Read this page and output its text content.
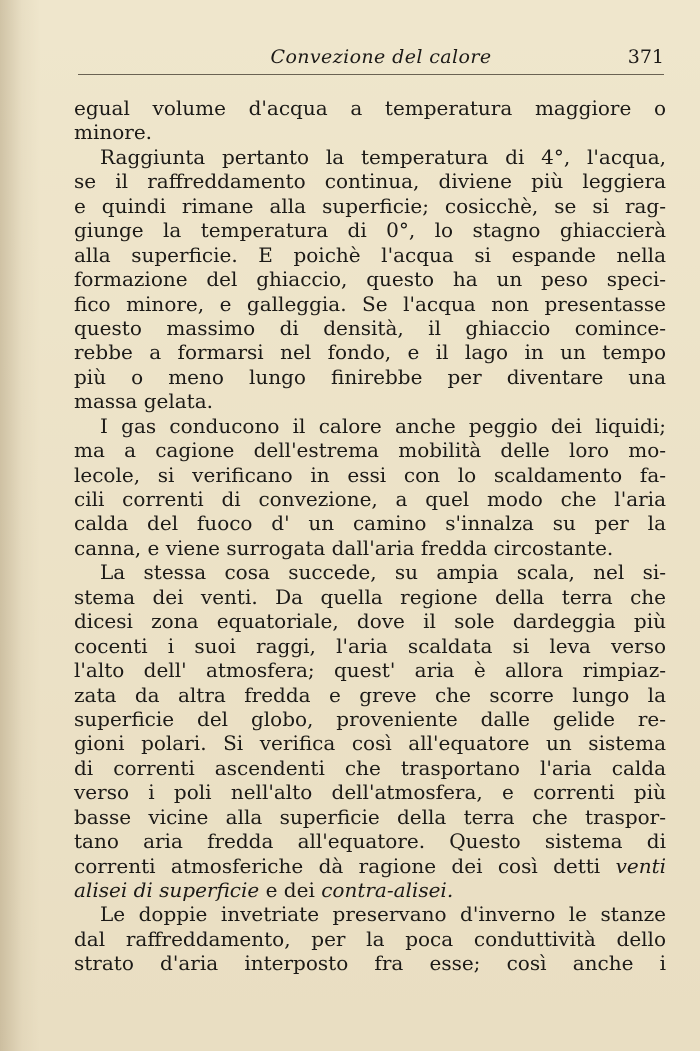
Convezione del calore	371
egual volume d'acqua a temperatura maggiore o
minore.
Raggiunta pertanto la temperatura di 4°, l'acqua,
se il raffreddamento continua, diviene più leggiera
e quindi rimane alla superficie; cosicchè, se si rag-
giunge la temperatura di 0°, lo stagno ghiaccierà
alla superficie. E poichè l'acqua si espande nella
formazione del ghiaccio, questo ha un peso speci-
fico minore, e galleggia. Se l'acqua non presentasse
questo massimo di densità, il ghiaccio comince-
rebbe a formarsi nel fondo, e il lago in un tempo
più o meno lungo finirebbe per diventare una
massa gelata.
I gas conducono il calore anche peggio dei liquidi;
ma a cagione dell'estrema mobilità delle loro mo-
lecole, si verificano in essi con lo scaldamento fa-
cili correnti di convezione, a quel modo che l'aria
calda del fuoco d' un camino s'innalza su per la
canna, e viene surrogata dall'aria fredda circostante.
La stessa cosa succede, su ampia scala, nel si-
stema dei venti. Da quella regione della terra che
dicesi zona equatoriale, dove il sole dardeggia più
cocenti i suoi raggi, l'aria scaldata si leva verso
l'alto dell' atmosfera; quest' aria è allora rimpiaz-
zata da altra fredda e greve che scorre lungo la
superficie del globo, proveniente dalle gelide re-
gioni polari. Si verifica così all'equatore un sistema
di correnti ascendenti che trasportano l'aria calda
verso i poli nell'alto dell'atmosfera, e correnti più
basse vicine alla superficie della terra che traspor-
tano aria fredda all'equatore. Questo sistema di
correnti atmosferiche dà ragione dei così detti venti
alisei di superficie e dei contra-alisei.
Le doppie invetriate preservano d'inverno le stanze
dal raffreddamento, per la poca conduttività dello
strato d'aria interposto fra esse; così anche i
